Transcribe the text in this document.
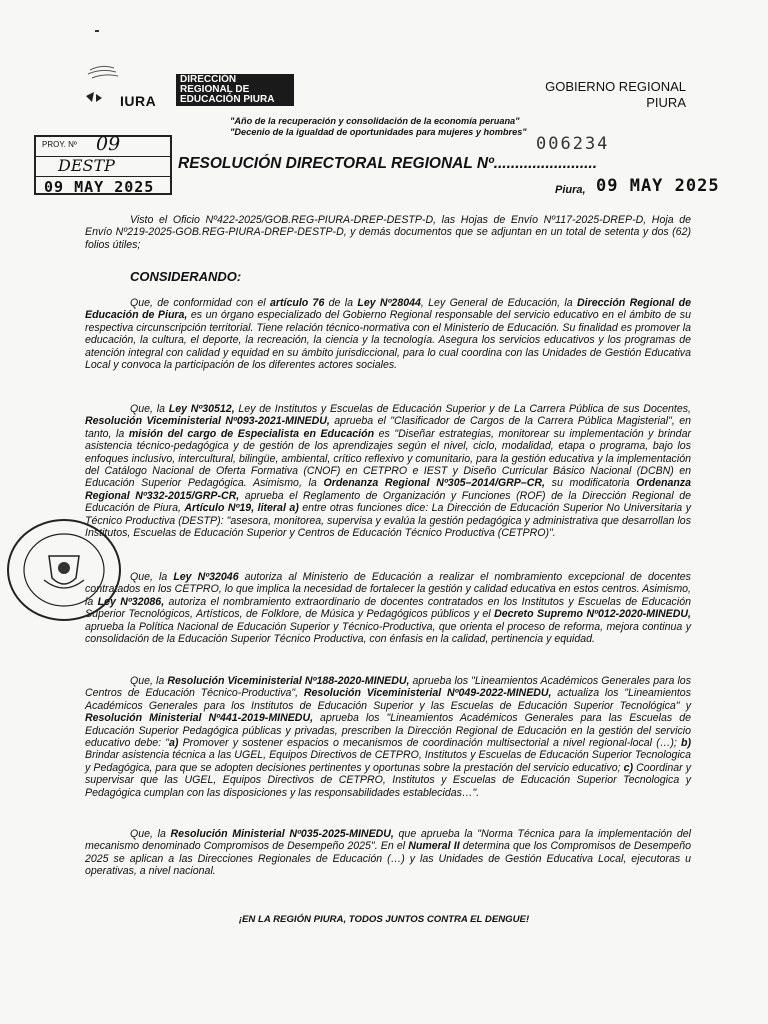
IURA
DIRECCIÓN
REGIONAL DE
EDUCACIÓN PIURA
GOBIERNO REGIONAL
PIURA
"Año de la recuperación y consolidación de la economía peruana"
"Decenio de la igualdad de oportunidades para mujeres y hombres"
006234
PROY. Nº 09
DESTP
09 MAY 2025
RESOLUCIÓN DIRECTORAL REGIONAL Nº........................
Piura, 09 MAY 2025
Visto el Oficio Nº422-2025/GOB.REG-PIURA-DREP-DESTP-D, las Hojas de Envío Nº117-2025-DREP-D, Hoja de Envío Nº219-2025-GOB.REG-PIURA-DREP-DESTP-D, y demás documentos que se adjuntan en un total de setenta y dos (62) folios útiles;
CONSIDERANDO:
Que, de conformidad con el artículo 76 de la Ley Nº28044, Ley General de Educación, la Dirección Regional de Educación de Piura, es un órgano especializado del Gobierno Regional responsable del servicio educativo en el ámbito de su respectiva circunscripción territorial. Tiene relación técnico-normativa con el Ministerio de Educación. Su finalidad es promover la educación, la cultura, el deporte, la recreación, la ciencia y la tecnología. Asegura los servicios educativos y los programas de atención integral con calidad y equidad en su ámbito jurisdiccional, para lo cual coordina con las Unidades de Gestión Educativa Local y convoca la participación de los diferentes actores sociales.
Que, la Ley Nº30512, Ley de Institutos y Escuelas de Educación Superior y de La Carrera Pública de sus Docentes, Resolución Viceministerial Nº093-2021-MINEDU, aprueba el "Clasificador de Cargos de la Carrera Pública Magisterial", en tanto, la misión del cargo de Especialista en Educación es "Diseñar estrategias, monitorear su implementación y brindar asistencia técnico-pedagógica y de gestión de los aprendizajes según el nivel, ciclo, modalidad, etapa o programa, bajo los enfoques inclusivo, intercultural, bilingüe, ambiental, crítico reflexivo y comunitario, para la gestión educativa y la implementación del Catálogo Nacional de Oferta Formativa (CNOF) en CETPRO e IEST y Diseño Curricular Básico Nacional (DCBN) en Educación Superior Pedagógica. Asimismo, la Ordenanza Regional Nº305–2014/GRP–CR, su modificatoria Ordenanza Regional Nº332-2015/GRP-CR, aprueba el Reglamento de Organización y Funciones (ROF) de la Dirección Regional de Educación de Piura, Artículo Nº19, literal a) entre otras funciones dice: La Dirección de Educación Superior No Universitaria y Técnico Productiva (DESTP): "asesora, monitorea, supervisa y evalúa la gestión pedagógica y administrativa que desarrollan los Institutos, Escuelas de Educación Superior y Centros de Educación Técnico Productiva (CETPRO)".
Que, la Ley Nº32046 autoriza al Ministerio de Educación a realizar el nombramiento excepcional de docentes contratados en los CETPRO, lo que implica la necesidad de fortalecer la gestión y calidad educativa en estos centros. Asimismo, la Ley Nº32086, autoriza el nombramiento extraordinario de docentes contratados en los Institutos y Escuelas de Educación Superior Tecnológicos, Artísticos, de Folklore, de Música y Pedagógicos públicos y el Decreto Supremo Nº012-2020-MINEDU, aprueba la Política Nacional de Educación Superior y Técnico-Productiva, que orienta el proceso de reforma, mejora continua y consolidación de la Educación Superior Técnico Productiva, con énfasis en la calidad, pertinencia y equidad.
Que, la Resolución Viceministerial Nº188-2020-MINEDU, aprueba los "Lineamientos Académicos Generales para los Centros de Educación Técnico-Productiva", Resolución Viceministerial Nº049-2022-MINEDU, actualiza los "Lineamientos Académicos Generales para los Institutos de Educación Superior y las Escuelas de Educación Superior Tecnológica" y Resolución Ministerial Nº441-2019-MINEDU, aprueba los "Lineamientos Académicos Generales para las Escuelas de Educación Superior Pedagógica públicas y privadas, prescriben la Dirección Regional de Educación en la gestión del servicio educativo debe: "a) Promover y sostener espacios o mecanismos de coordinación multisectorial a nivel regional-local (…); b) Brindar asistencia técnica a las UGEL, Equipos Directivos de CETPRO, Institutos y Escuelas de Educación Superior Tecnologica y Pedagógica, para que se adopten decisiones pertinentes y oportunas sobre la prestación del servicio educativo; c) Coordinar y supervisar que las UGEL, Equipos Directivos de CETPRO, Institutos y Escuelas de Educación Superior Tecnologica y Pedagógica cumplan con las disposiciones y las responsabilidades establecidas…".
Que, la Resolución Ministerial Nº035-2025-MINEDU, que aprueba la "Norma Técnica para la implementación del mecanismo denominado Compromisos de Desempeño 2025". En el Numeral II determina que los Compromisos de Desempeño 2025 se aplican a las Direcciones Regionales de Educación (…) y las Unidades de Gestión Educativa Local, ejecutoras u operativas, a nivel nacional.
¡EN LA REGIÓN PIURA, TODOS JUNTOS CONTRA EL DENGUE!
